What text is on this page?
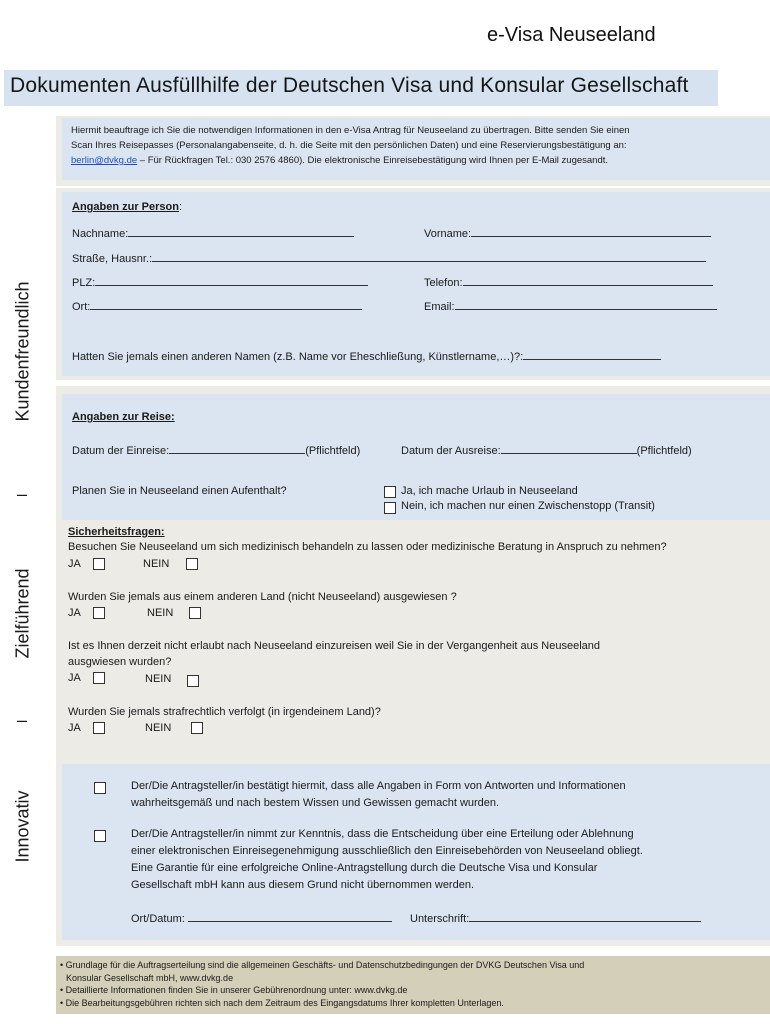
e-Visa Neuseeland
Dokumenten Ausfüllhilfe der Deutschen Visa und Konsular Gesellschaft
Kundenfreundlich
–
Zielführend
–
Innovativ
Hiermit beauftrage ich Sie die notwendigen Informationen in den e-Visa Antrag für Neuseeland zu übertragen. Bitte senden Sie einen
Scan Ihres Reisepasses (Personalangabenseite, d. h. die Seite mit den persönlichen Daten) und eine Reservierungsbestätigung an:
berlin@dvkg.de – Für Rückfragen Tel.: 030 2576 4860). Die elektronische Einreisebestätigung wird Ihnen per E-Mail zugesandt.
Angaben zur Person:
Nachname:	Vorname:
Straße, Hausnr.:
PLZ:	Telefon:
Ort:	Email:
Hatten Sie jemals einen anderen Namen (z.B. Name vor Eheschließung, Künstlername,…)?:
Angaben zur Reise:
Datum der Einreise:	(Pflichtfeld)	Datum der Ausreise:	(Pflichtfeld)
Planen Sie in Neuseeland einen Aufenthalt?	Ja, ich mache Urlaub in Neuseeland
Nein, ich machen nur einen Zwischenstopp (Transit)
Sicherheitsfragen:
Besuchen Sie Neuseeland um sich medizinisch behandeln zu lassen oder medizinische Beratung in Anspruch zu nehmen?
JA	NEIN
Wurden Sie jemals aus einem anderen Land (nicht Neuseeland) ausgewiesen ?
JA	NEIN
Ist es Ihnen derzeit nicht erlaubt nach Neuseeland einzureisen weil Sie in der Vergangenheit aus Neuseeland
ausgwiesen wurden?
JA	NEIN
Wurden Sie jemals strafrechtlich verfolgt (in irgendeinem Land)?
JA	NEIN
Der/Die Antragsteller/in bestätigt hiermit, dass alle Angaben in Form von Antworten und Informationen
wahrheitsgemäß und nach bestem Wissen und Gewissen gemacht wurden.
Der/Die Antragsteller/in nimmt zur Kenntnis, dass die Entscheidung über eine Erteilung oder Ablehnung
einer elektronischen Einreisegenehmigung ausschließlich den Einreisebehörden von Neuseeland obliegt.
Eine Garantie für eine erfolgreiche Online-Antragstellung durch die Deutsche Visa und Konsular
Gesellschaft mbH kann aus diesem Grund nicht übernommen werden.
Ort/Datum:	Unterschrift:
• Grundlage für die Auftragserteilung sind die allgemeinen Geschäfts- und Datenschutzbedingungen der DVKG Deutschen Visa und
Konsular Gesellschaft mbH, www.dvkg.de
• Detaillierte Informationen finden Sie in unserer Gebührenordnung unter: www.dvkg.de
• Die Bearbeitungsgebühren richten sich nach dem Zeitraum des Eingangsdatums Ihrer kompletten Unterlagen.
